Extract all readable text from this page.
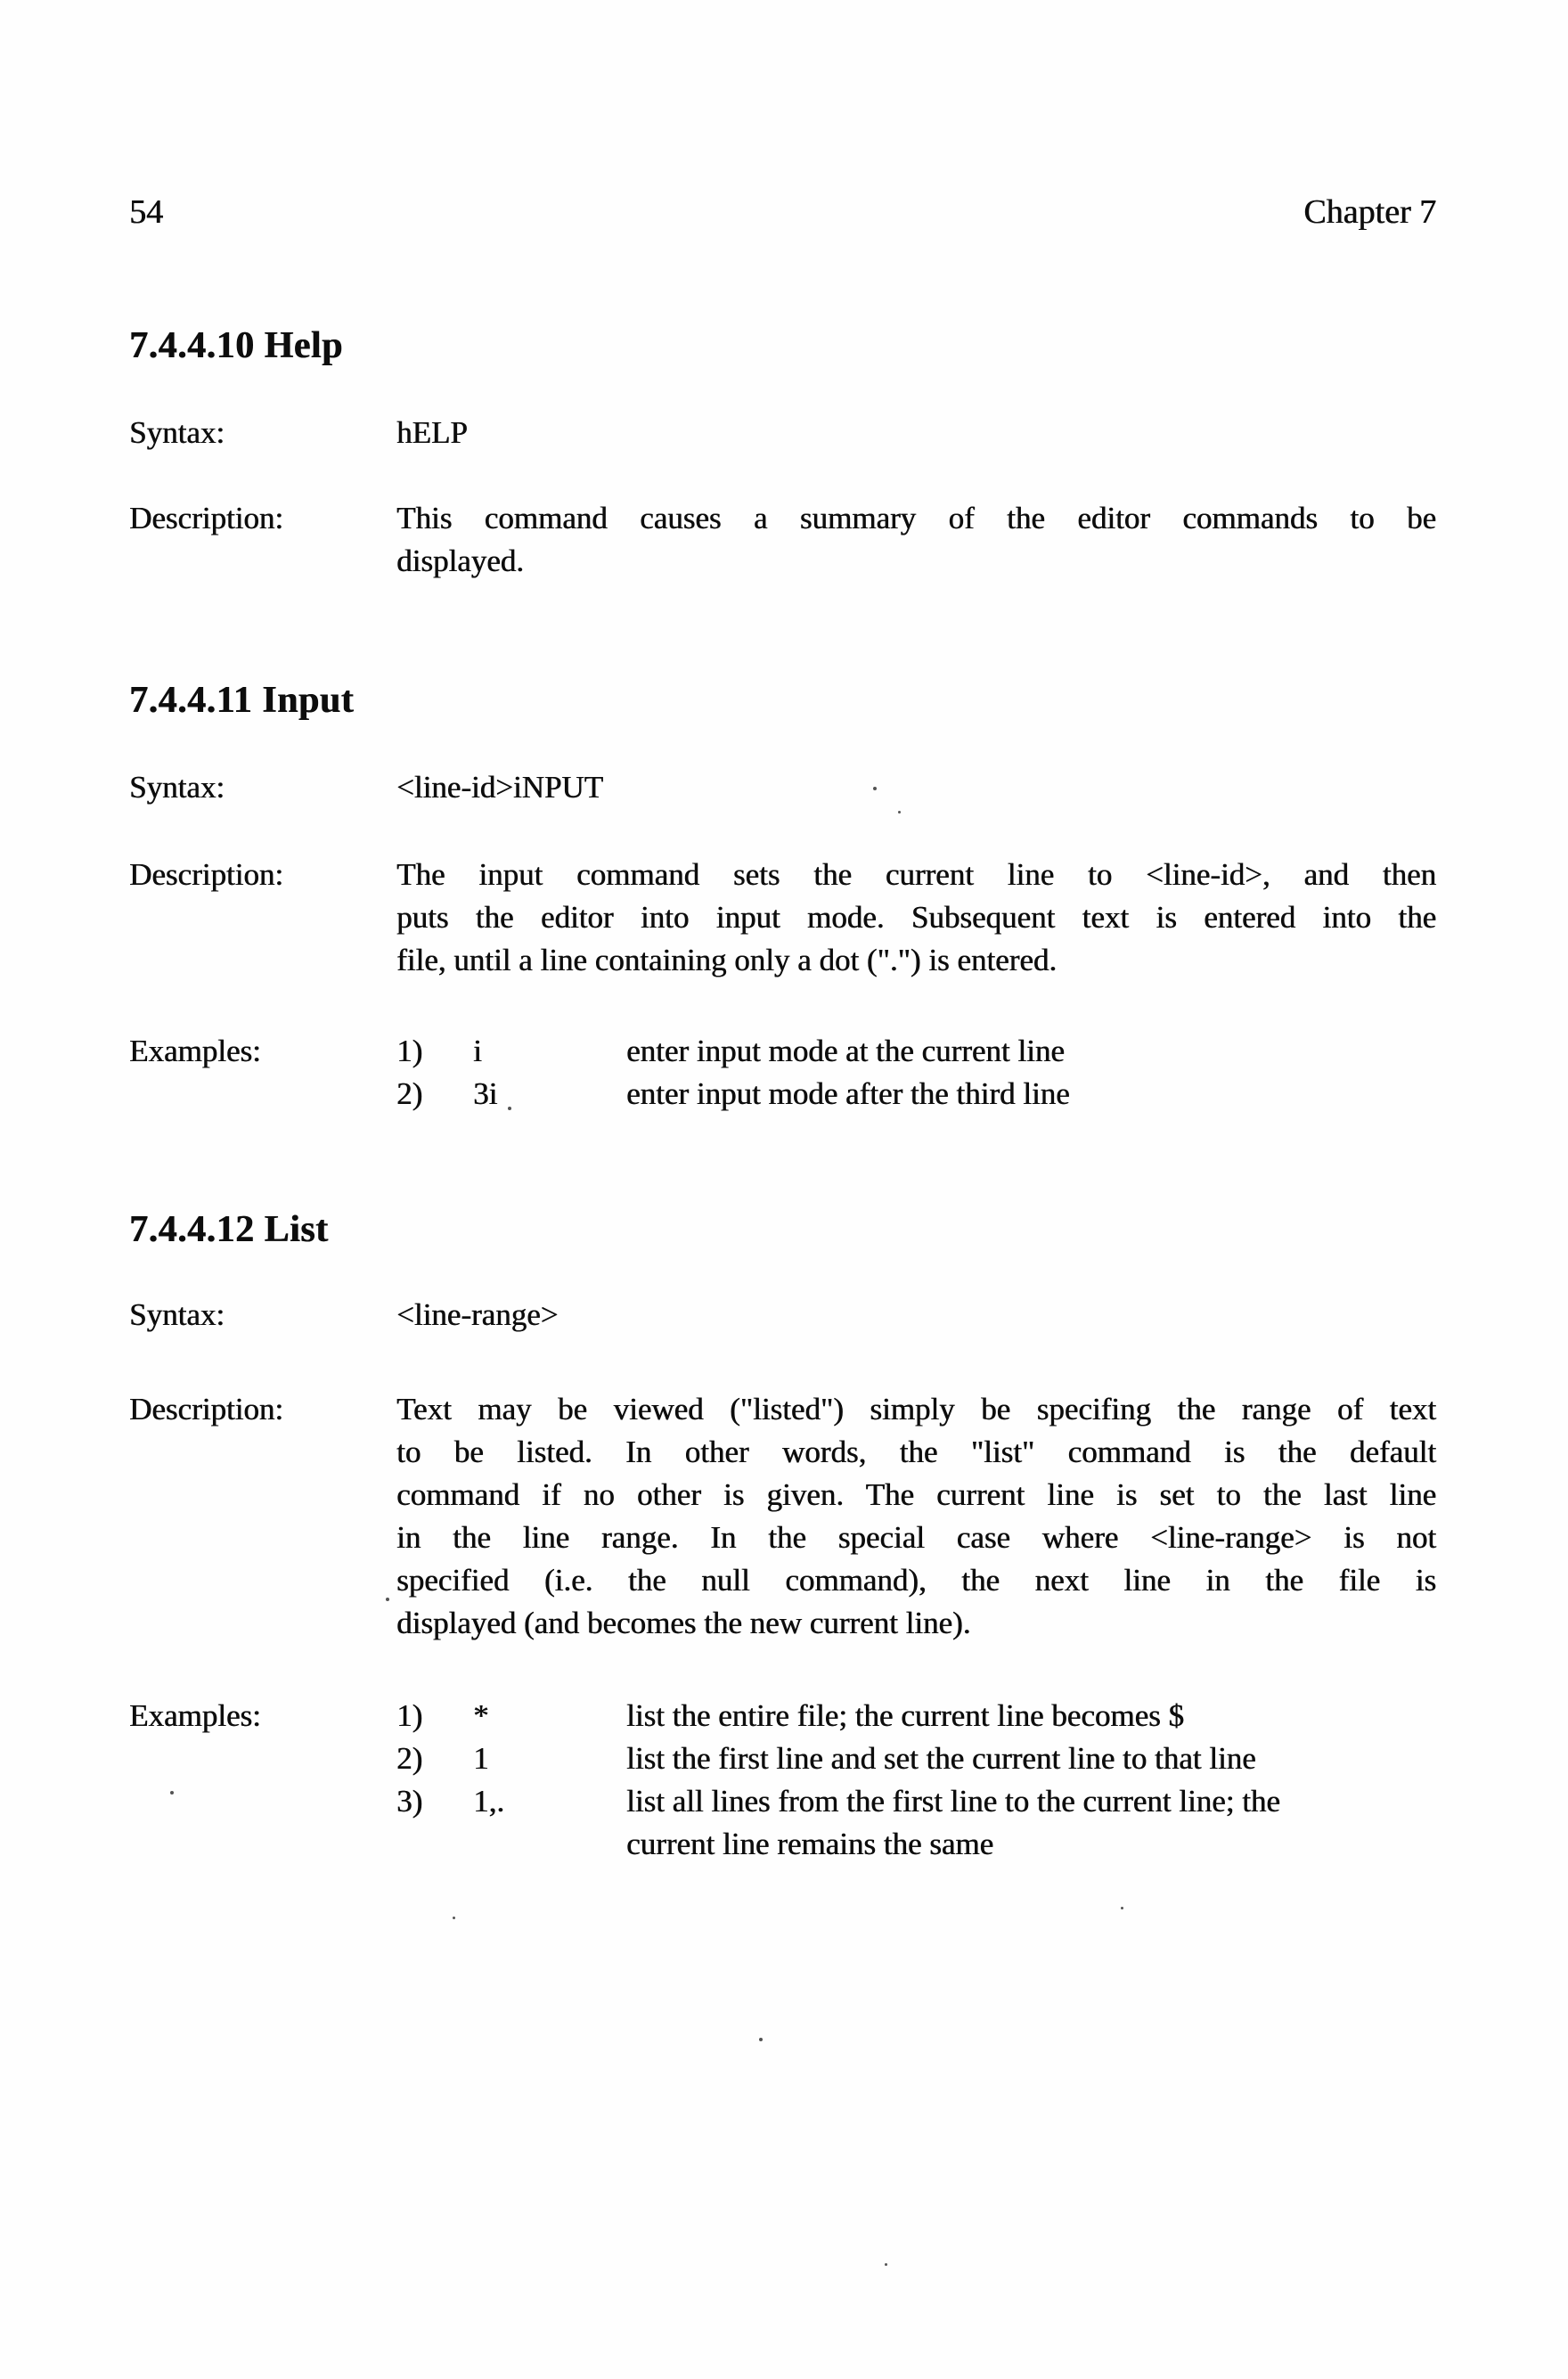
54	Chapter 7
7.4.4.10 Help
Syntax:	hELP
Description:	This command causes a summary of the editor commands to be
displayed.
7.4.4.11 Input
Syntax:	<line-id>iNPUT
Description:	The input command sets the current line to <line-id>, and then
puts the editor into input mode. Subsequent text is entered into the
file, until a line containing only a dot (".") is entered.
Examples:	1)	i	enter input mode at the current line
2)	3i	enter input mode after the third line
7.4.4.12 List
Syntax:	<line-range>
Description:	Text may be viewed ("listed") simply be specifing the range of text
to be listed. In other words, the "list" command is the default
command if no other is given. The current line is set to the last line
in the line range. In the special case where <line-range> is not
specified (i.e. the null command), the next line in the file is
displayed (and becomes the new current line).
Examples:	1)	*	list the entire file; the current line becomes $
2)	1	list the first line and set the current line to that line
3)	1,.	list all lines from the first line to the current line; the
current line remains the same
